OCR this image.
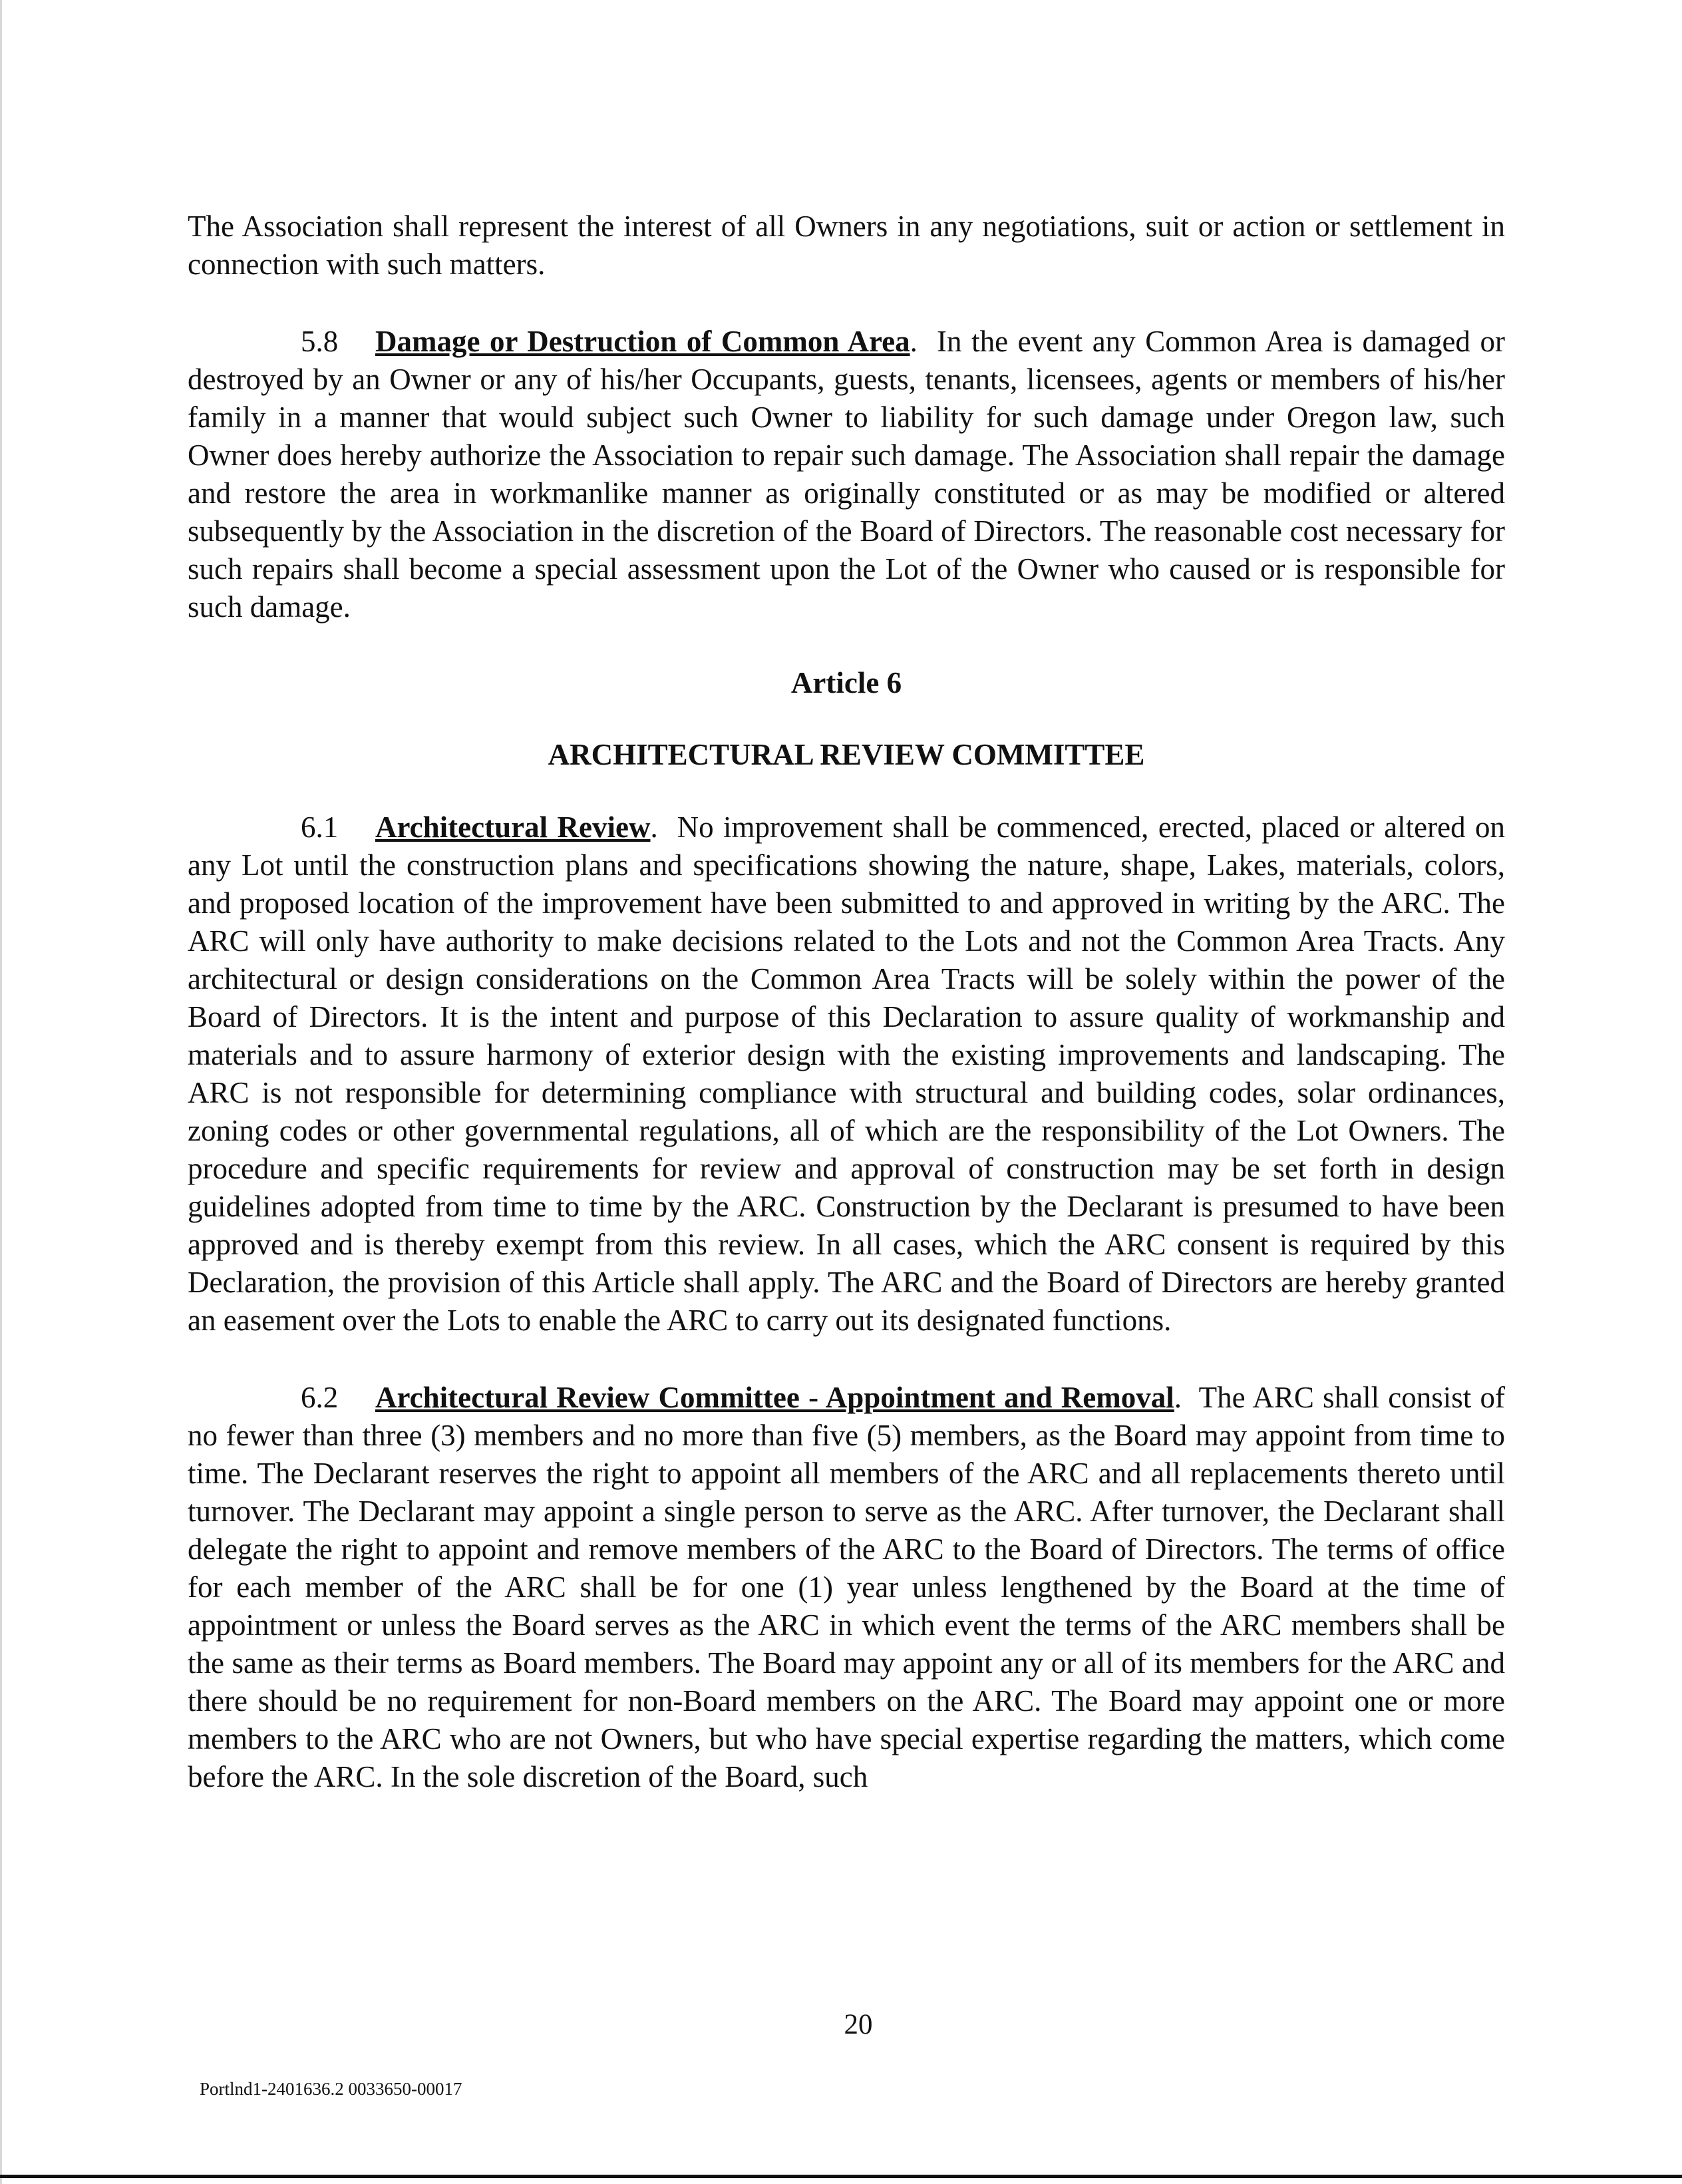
The Association shall represent the interest of all Owners in any negotiations, suit or action or settlement in connection with such matters.

5.8 Damage or Destruction of Common Area.  In the event any Common Area is damaged or destroyed by an Owner or any of his/her Occupants, guests, tenants, licensees, agents or members of his/her family in a manner that would subject such Owner to liability for such damage under Oregon law, such Owner does hereby authorize the Association to repair such damage. The Association shall repair the damage and restore the area in workmanlike manner as originally constituted or as may be modified or altered subsequently by the Association in the discretion of the Board of Directors. The reasonable cost necessary for such repairs shall become a special assessment upon the Lot of the Owner who caused or is responsible for such damage.

Article 6
ARCHITECTURAL REVIEW COMMITTEE

6.1 Architectural Review.  No improvement shall be commenced, erected, placed or altered on any Lot until the construction plans and specifications showing the nature, shape, Lakes, materials, colors, and proposed location of the improvement have been submitted to and approved in writing by the ARC. The ARC will only have authority to make decisions related to the Lots and not the Common Area Tracts. Any architectural or design considerations on the Common Area Tracts will be solely within the power of the Board of Directors. It is the intent and purpose of this Declaration to assure quality of workmanship and materials and to assure harmony of exterior design with the existing improvements and landscaping. The ARC is not responsible for determining compliance with structural and building codes, solar ordinances, zoning codes or other governmental regulations, all of which are the responsibility of the Lot Owners. The procedure and specific requirements for review and approval of construction may be set forth in design guidelines adopted from time to time by the ARC. Construction by the Declarant is presumed to have been approved and is thereby exempt from this review. In all cases, which the ARC consent is required by this Declaration, the provision of this Article shall apply. The ARC and the Board of Directors are hereby granted an easement over the Lots to enable the ARC to carry out its designated functions.

6.2 Architectural Review Committee - Appointment and Removal.  The ARC shall consist of no fewer than three (3) members and no more than five (5) members, as the Board may appoint from time to time. The Declarant reserves the right to appoint all members of the ARC and all replacements thereto until turnover. The Declarant may appoint a single person to serve as the ARC. After turnover, the Declarant shall delegate the right to appoint and remove members of the ARC to the Board of Directors. The terms of office for each member of the ARC shall be for one (1) year unless lengthened by the Board at the time of appointment or unless the Board serves as the ARC in which event the terms of the ARC members shall be the same as their terms as Board members. The Board may appoint any or all of its members for the ARC and there should be no requirement for non-Board members on the ARC. The Board may appoint one or more members to the ARC who are not Owners, but who have special expertise regarding the matters, which come before the ARC. In the sole discretion of the Board, such

20
Portlnd1-2401636.2 0033650-00017
